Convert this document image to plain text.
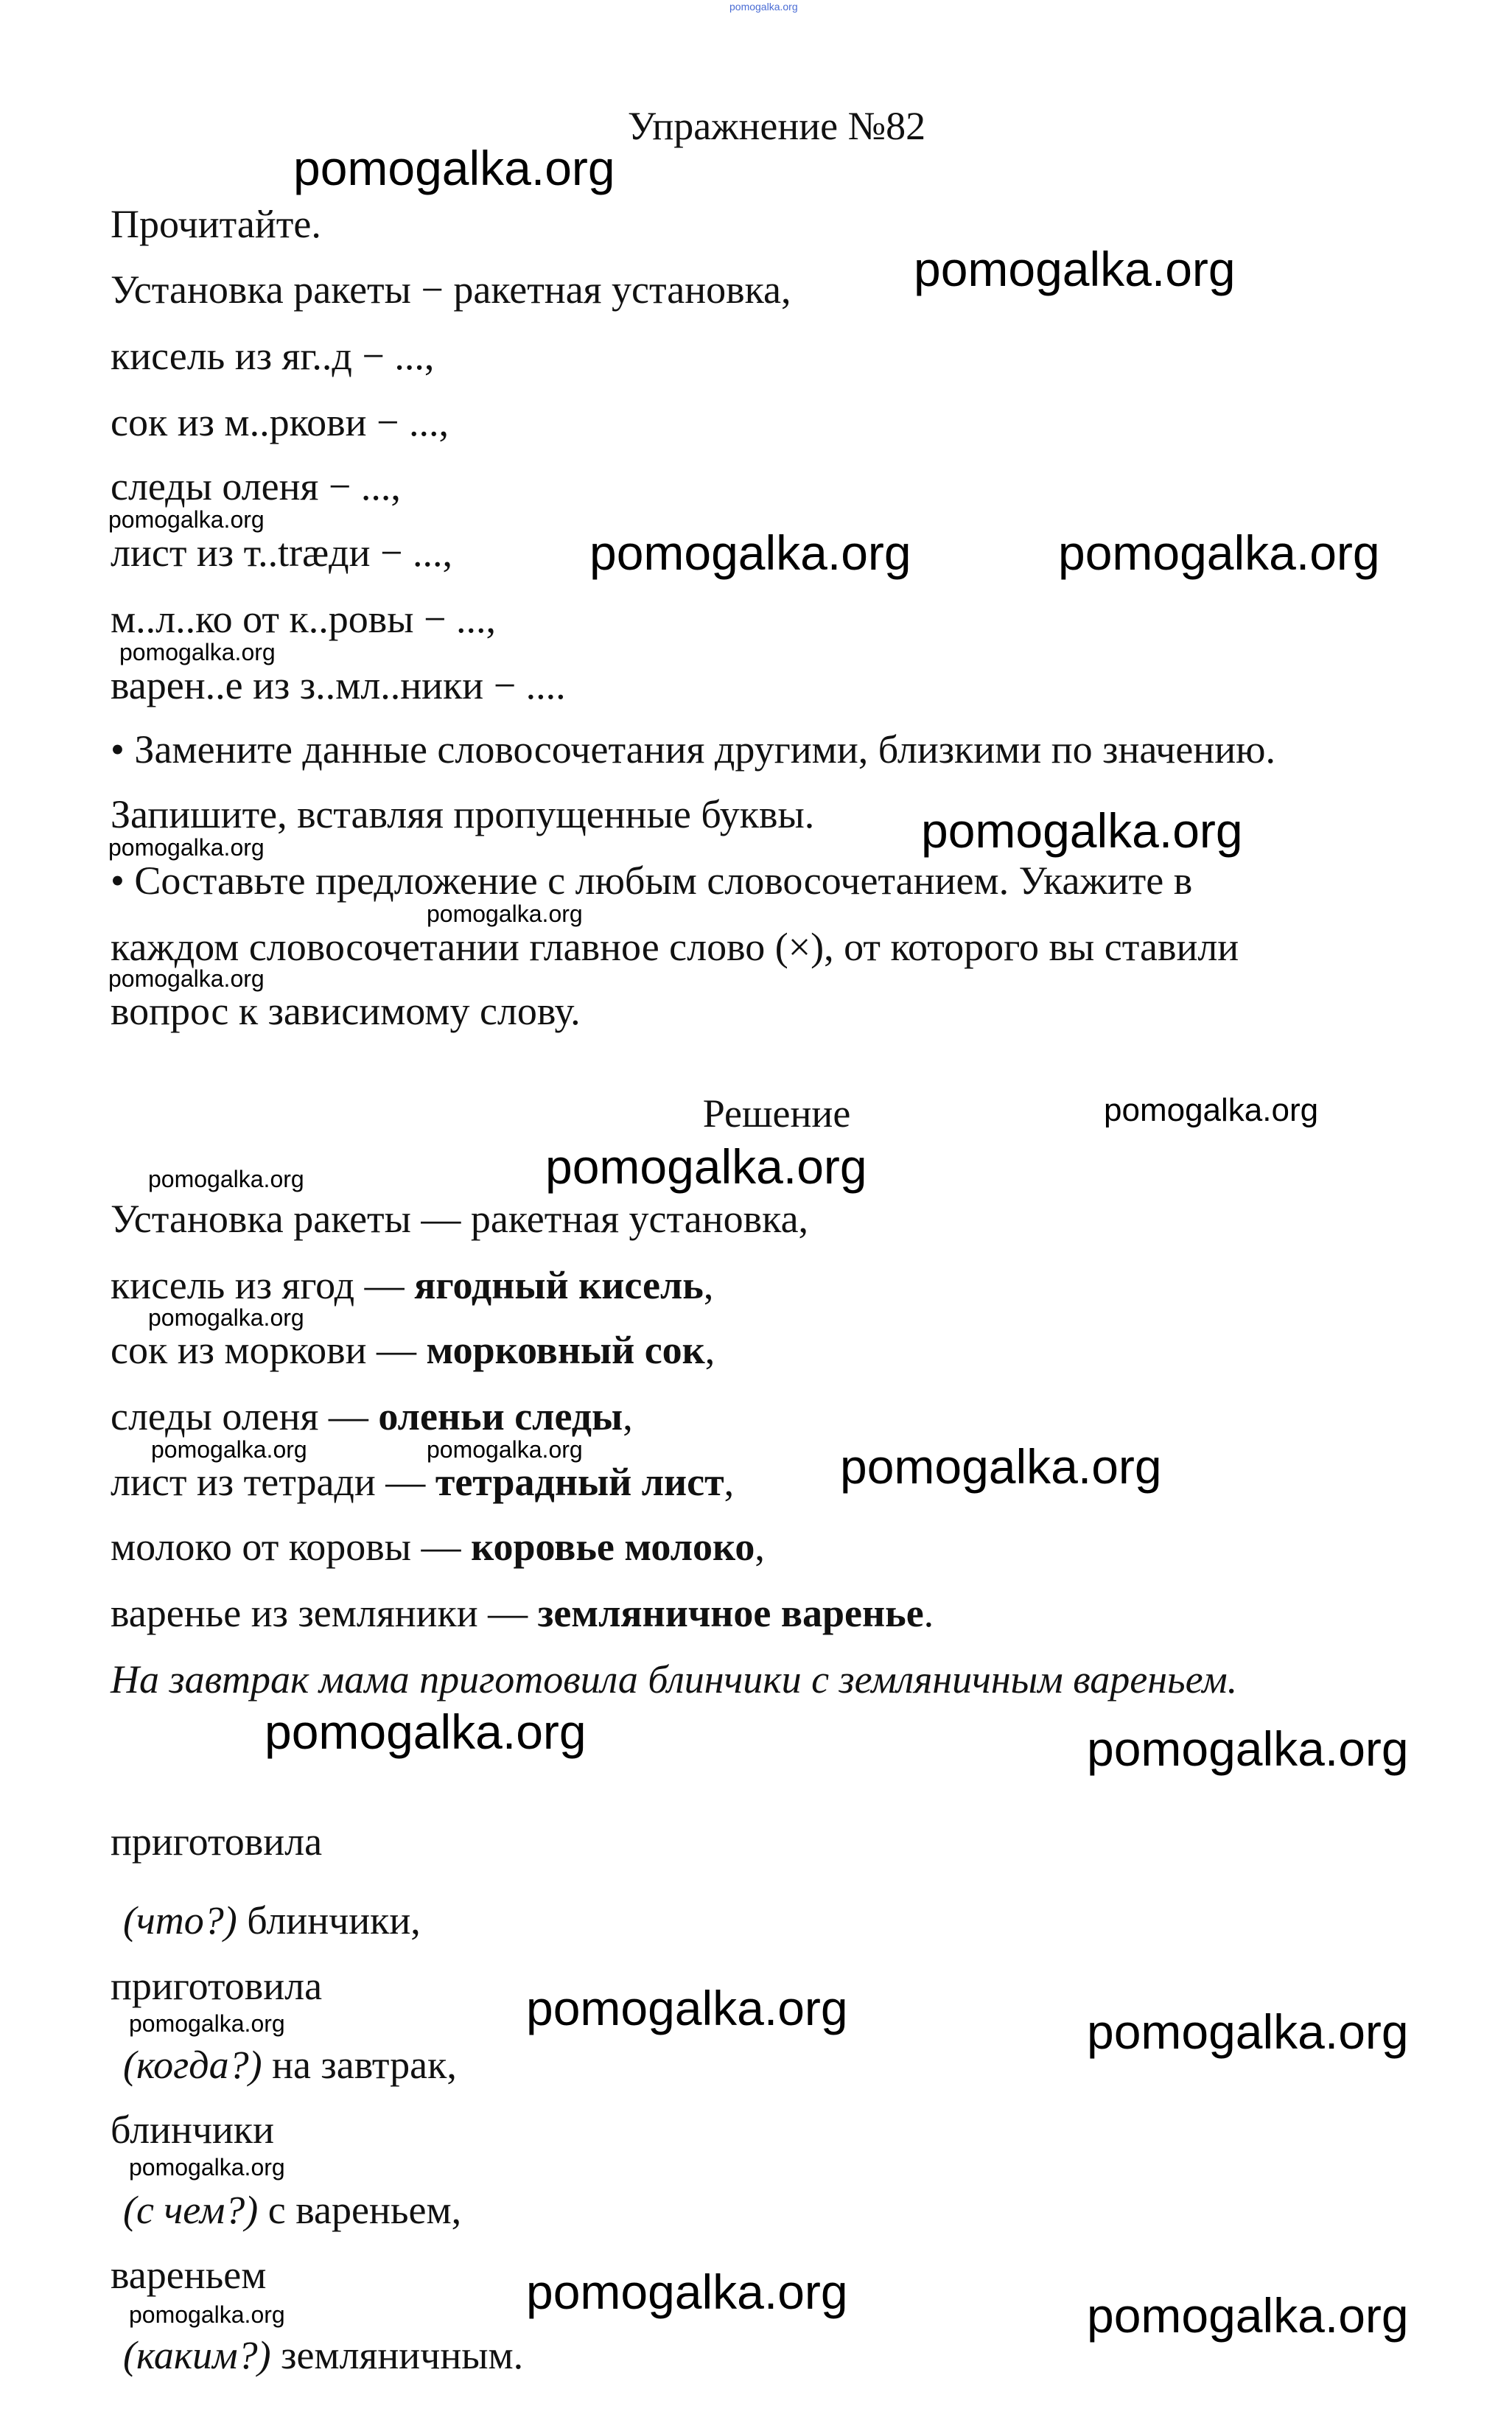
pomogalka.org
Упражнение №82
Прочитайте.
Установка ракеты − ракетная установка,
кисель из яг..д − ...,
сок из м..ркови − ...,
следы оленя − ...,
лист из т..træди − ...,
м..л..ко от к..ровы − ...,
варен..е из з..мл..ники − ....
• Замените данные словосочетания другими, близкими по значению.
Запишите, вставляя пропущенные буквы.
• Составьте предложение с любым словосочетанием. Укажите в
каждом словосочетании главное слово (×), от которого вы ставили
вопрос к зависимому слову.
Решение
Установка ракеты — ракетная установка,
кисель из ягод — ягодный кисель,
сок из моркови — морковный сок,
следы оленя — оленьи следы,
лист из тетради — тетрадный лист,
молоко от коровы — коровье молоко,
варенье из земляники — земляничное варенье.
На завтрак мама приготовила блинчики с земляничным вареньем.
приготовила
(что?) блинчики,
приготовила
(когда?) на завтрак,
блинчики
(с чем?) с вареньем,
вареньем
(каким?) земляничным.
pomogalka.org
pomogalka.org
pomogalka.org	pomogalka.org
pomogalka.org
pomogalka.org
pomogalka.org
pomogalka.org	pomogalka.org
pomogalka.org	pomogalka.org
pomogalka.org	pomogalka.org
pomogalka.org
pomogalka.org
pomogalka.org
pomogalka.org
pomogalka.org
pomogalka.org
pomogalka.org
pomogalka.org
pomogalka.org	pomogalka.org
pomogalka.org
pomogalka.org
pomogalka.org
